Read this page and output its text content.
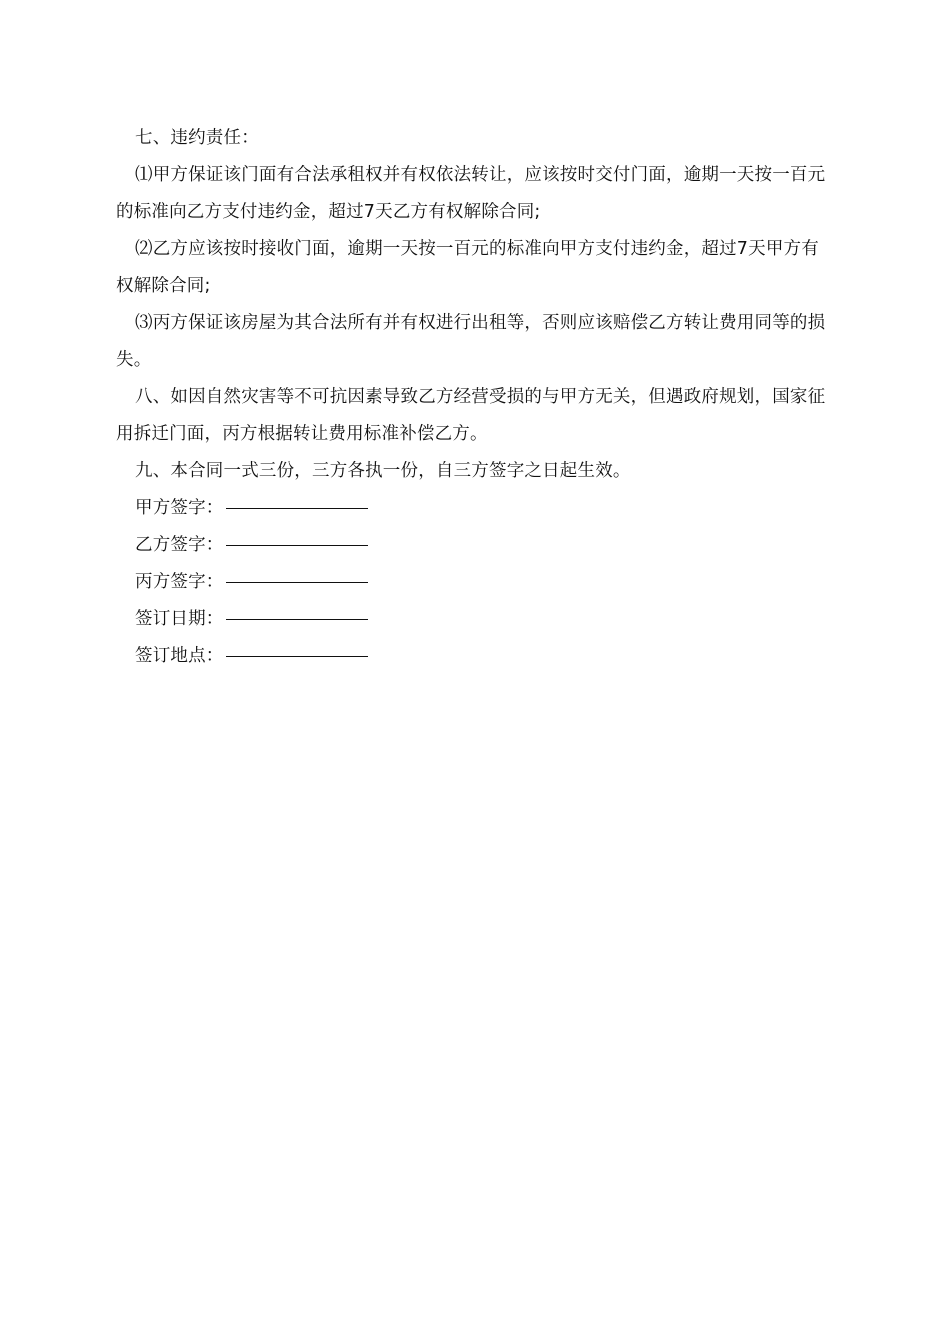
七、违约责任：

⑴甲方保证该门面有合法承租权并有权依法转让，应该按时交付门面，逾期一天按一百元的标准向乙方支付违约金，超过7天乙方有权解除合同;

⑵乙方应该按时接收门面，逾期一天按一百元的标准向甲方支付违约金，超过7天甲方有权解除合同;

⑶丙方保证该房屋为其合法所有并有权进行出租等，否则应该赔偿乙方转让费用同等的损失。

八、如因自然灾害等不可抗因素导致乙方经营受损的与甲方无关，但遇政府规划，国家征用拆迁门面，丙方根据转让费用标准补偿乙方。

九、本合同一式三份，三方各执一份，自三方签字之日起生效。

甲方签字：
乙方签字：
丙方签字：
签订日期：
签订地点：
